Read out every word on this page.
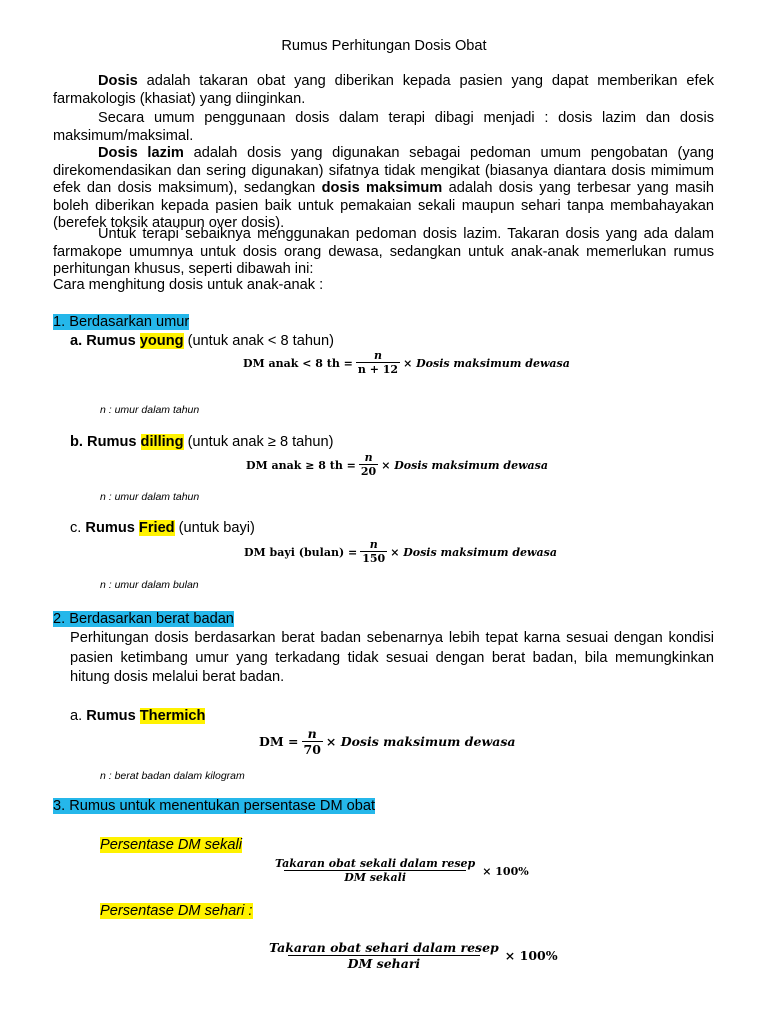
Rumus Perhitungan Dosis Obat

Dosis adalah takaran obat yang diberikan kepada pasien yang dapat memberikan efek farmakologis (khasiat) yang diinginkan.

Secara umum penggunaan dosis dalam terapi dibagi menjadi : dosis lazim dan dosis maksimum/maksimal.

Dosis lazim adalah dosis yang digunakan sebagai pedoman umum pengobatan (yang direkomendasikan dan sering digunakan) sifatnya tidak mengikat (biasanya diantara dosis mimimum efek dan dosis maksimum), sedangkan dosis maksimum adalah dosis yang terbesar yang masih boleh diberikan kepada pasien baik untuk pemakaian sekali maupun sehari tanpa membahayakan (berefek toksik ataupun over dosis).

Untuk terapi sebaiknya menggunakan pedoman dosis lazim. Takaran dosis yang ada dalam farmakope umumnya untuk dosis orang dewasa, sedangkan untuk anak-anak memerlukan rumus perhitungan khusus, seperti dibawah ini:

Cara menghitung dosis untuk anak-anak :
1. Berdasarkan umur
a. Rumus young (untuk anak < 8 tahun)
DM anak < 8 th = $\frac{n}{n + 12}$ × Dosis maksimum dewasa
n : umur dalam tahun
b. Rumus dilling (untuk anak ≥ 8 tahun)
DM anak ≥ 8 th = $\frac{n}{20}$ × Dosis maksimum dewasa
n : umur dalam tahun
c. Rumus Fried (untuk bayi)
DM bayi (bulan) = $\frac{n}{150}$ × Dosis maksimum dewasa
n : umur dalam bulan
2. Berdasarkan berat badan

Perhitungan dosis berdasarkan berat badan sebenarnya lebih tepat karna sesuai dengan kondisi pasien ketimbang umur yang terkadang tidak sesuai dengan berat badan, bila memungkinkan hitung dosis melalui berat badan.

a. Rumus Thermich
DM = $\frac{n}{70}$ × Dosis maksimum dewasa
n : berat badan dalam kilogram
3. Rumus untuk menentukan persentase DM obat
Persentase DM sekali
$\frac{\text{Takaran obat sekali dalam resep}}{\text{DM sekali}} \times 100\%$
Persentase DM sehari :
$\frac{\text{Takaran obat sehari dalam resep}}{\text{DM sehari}} \times 100\%$
